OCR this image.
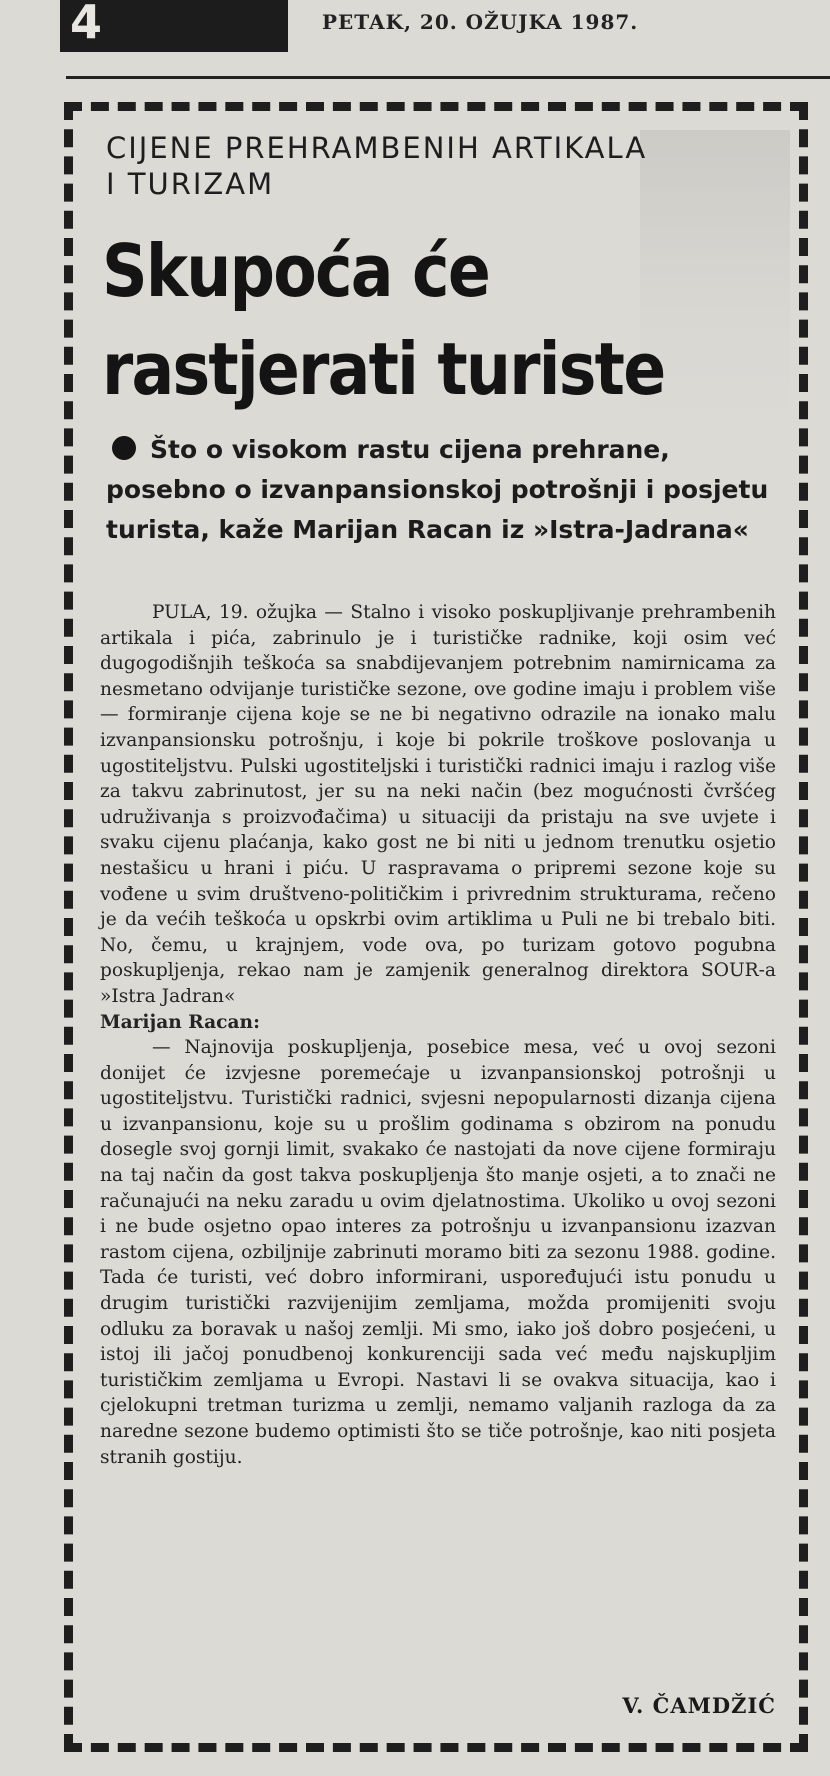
4	PETAK, 20. OŽUJKA 1987.
CIJENE PREHRAMBENIH ARTIKALA
I TURIZAM
Skupoća će
rastjerati turiste
Što o visokom rastu cijena prehrane, posebno o izvanpansionskoj potrošnji i posjetu turista, kaže Marijan Racan iz »Istra-Jadrana«

PULA, 19. ožujka — Stalno i visoko poskupljivanje prehrambenih artikala i pića, zabrinulo je i turističke radnike, koji osim već dugogodišnjih teškoća sa snabdijevanjem potrebnim namirnicama za nesmetano odvijanje turističke sezone, ove godine imaju i problem više — formiranje cijena koje se ne bi negativno odrazile na ionako malu izvanpansionsku potrošnju, i koje bi pokrile troškove poslovanja u ugostiteljstvu. Pulski ugostiteljski i turistički radnici imaju i razlog više za takvu zabrinutost, jer su na neki način (bez mogućnosti čvršćeg udruživanja s proizvođačima) u situaciji da pristaju na sve uvjete i svaku cijenu plaćanja, kako gost ne bi niti u jednom trenutku osjetio nestašicu u hrani i piću. U raspravama o pripremi sezone koje su vođene u svim društveno-političkim i privrednim strukturama, rečeno je da većih teškoća u opskrbi ovim artiklima u Puli ne bi trebalo biti. No, čemu, u krajnjem, vode ova, po turizam gotovo pogubna poskupljenja, rekao nam je zamjenik generalnog direktora SOUR-a »Istra Jadran«

Marijan Racan:

— Najnovija poskupljenja, posebice mesa, već u ovoj sezoni donijet će izvjesne poremećaje u izvanpansionskoj potrošnji u ugostiteljstvu. Turistički radnici, svjesni nepopularnosti dizanja cijena u izvanpansionu, koje su u prošlim godinama s obzirom na ponudu dosegle svoj gornji limit, svakako će nastojati da nove cijene formiraju na taj način da gost takva poskupljenja što manje osjeti, a to znači ne računajući na neku zaradu u ovim djelatnostima. Ukoliko u ovoj sezoni i ne bude osjetno opao interes za potrošnju u izvanpansionu izazvan rastom cijena, ozbiljnije zabrinuti moramo biti za sezonu 1988. godine. Tada će turisti, već dobro informirani, uspoređujući istu ponudu u drugim turistički razvijenijim zemljama, možda promijeniti svoju odluku za boravak u našoj zemlji. Mi smo, iako još dobro posjećeni, u istoj ili jačoj ponudbenoj konkurenciji sada već među najskupljim turističkim zemljama u Evropi. Nastavi li se ovakva situacija, kao i cjelokupni tretman turizma u zemlji, nemamo valjanih razloga da za naredne sezone budemo optimisti što se tiče potrošnje, kao niti posjeta stranih gostiju.

V. ČAMDŽIĆ
